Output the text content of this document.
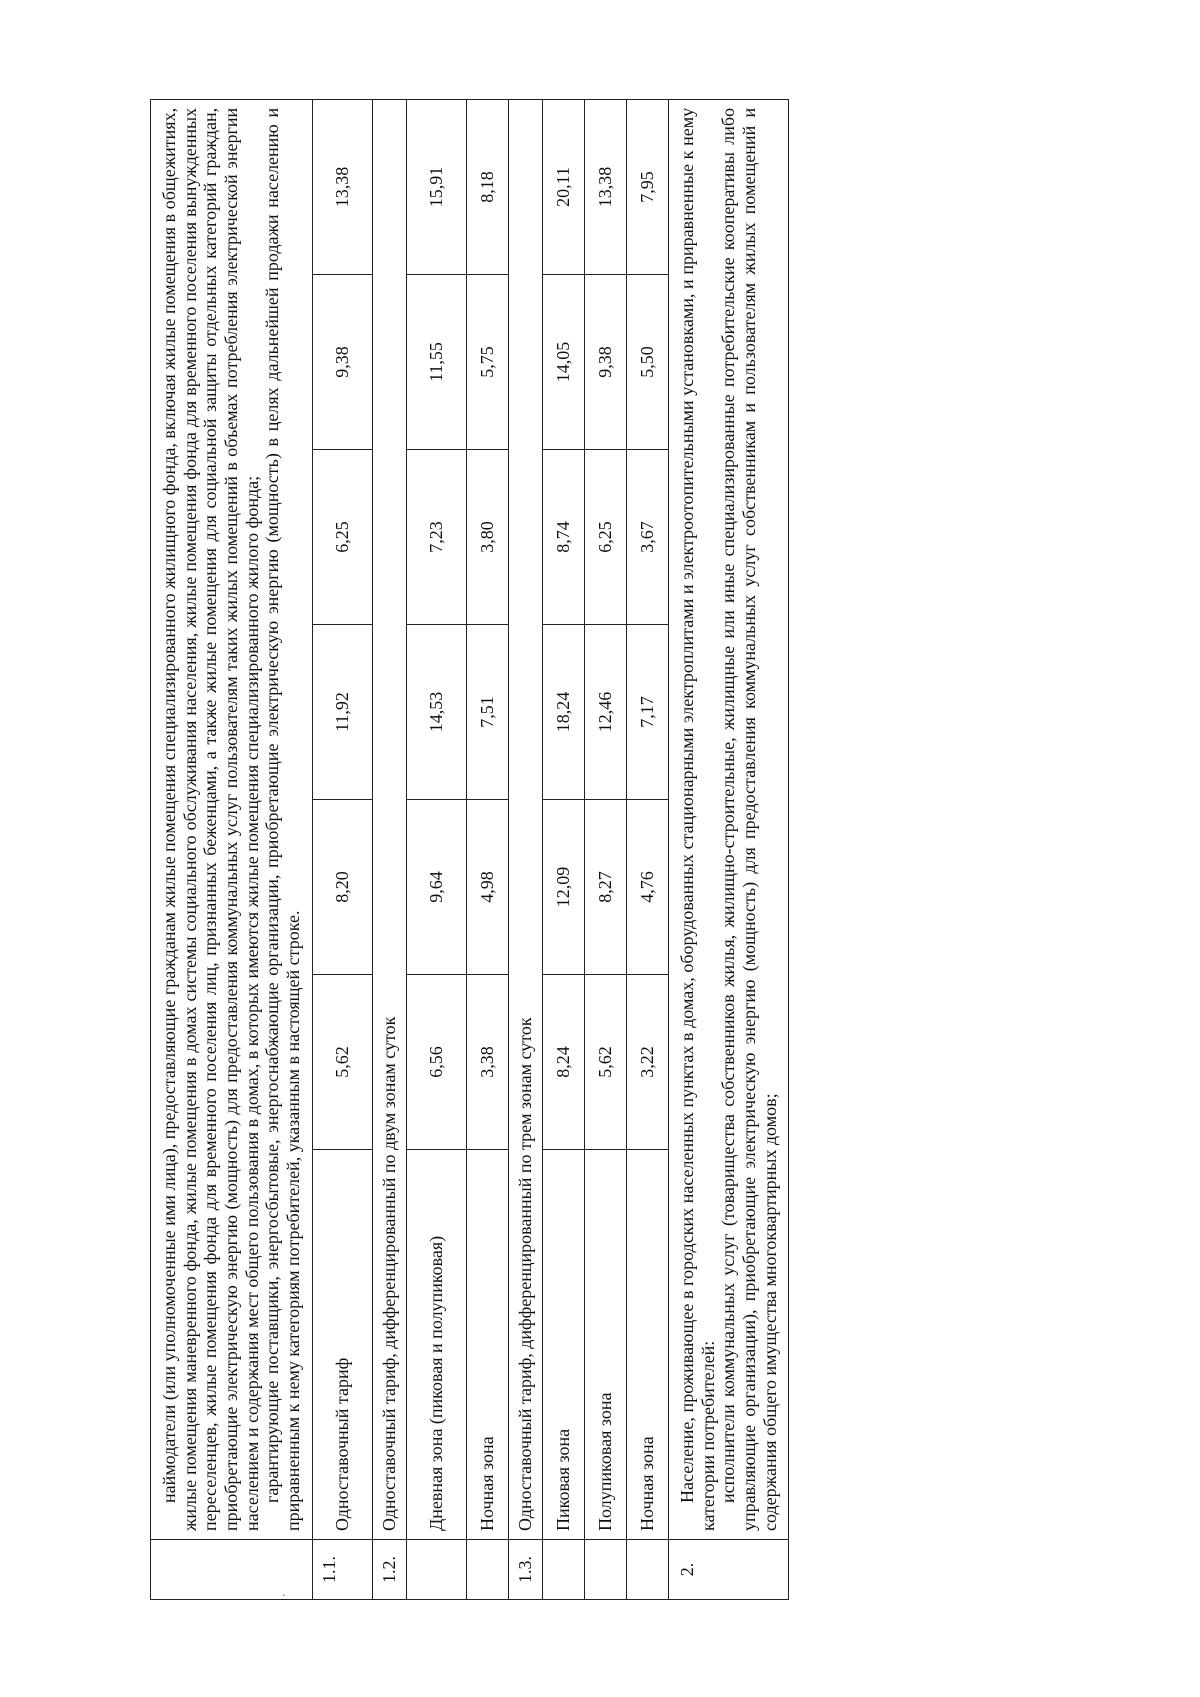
	наймодатели (или уполномоченные ими лица), предоставляющие гражданам жилые помещения специализированного жилищного фонда, включая жилые помещения в общежитиях, жилые помещения маневренного фонда, жилые помещения в домах системы социального обслуживания населения, жилые помещения фонда для временного поселения вынужденных переселенцев, жилые помещения фонда для временного поселения лиц, признанных беженцами, а также жилые помещения для социальной защиты отдельных категорий граждан, приобретающие электрическую энергию (мощность) для предоставления коммунальных услуг пользователям таких жилых помещений в объемах потребления электрической энергии населением и содержания мест общего пользования в домах, в которых имеются жилые помещения специализированного жилого фонда; гарантирующие поставщики, энергосбытовые, энергоснабжающие организации, приобретающие электрическую энергию (мощность) в целях дальнейшей продажи населению и приравненным к нему категориям потребителей, указанным в настоящей строке.						

1.1.	Одноставочный тариф	5,62	8,20	11,92	6,25	9,38	13,38
1.2.	Одноставочный тариф, дифференцированный по двум зонам суток						
	Дневная зона (пиковая и полупиковая)	6,56	9,64	14,53	7,23	11,55	15,91
	Ночная зона	3,38	4,98	7,51	3,80	5,75	8,18
1.3.	Одноставочный тариф, дифференцированный по трем зонам суток						
	Пиковая зона	8,24	12,09	18,24	8,74	14,05	20,11
	Полупиковая зона	5,62	8,27	12,46	6,25	9,38	13,38
	Ночная зона	3,22	4,76	7,17	3,67	5,50	7,95
2.	Население, проживающее в городских населенных пунктах в домах, оборудованных стационарными электроплитами и электроотопительными установками, и приравненные к нему категории потребителей: исполнители коммунальных услуг (товарищества собственников жилья, жилищно-строительные, жилищные или иные специализированные потребительские кооперативы либо управляющие организации), приобретающие электрическую энергию (мощность) для предоставления коммунальных услуг собственникам и пользователям жилых помещений и содержания общего имущества многоквартирных домов;						
.
